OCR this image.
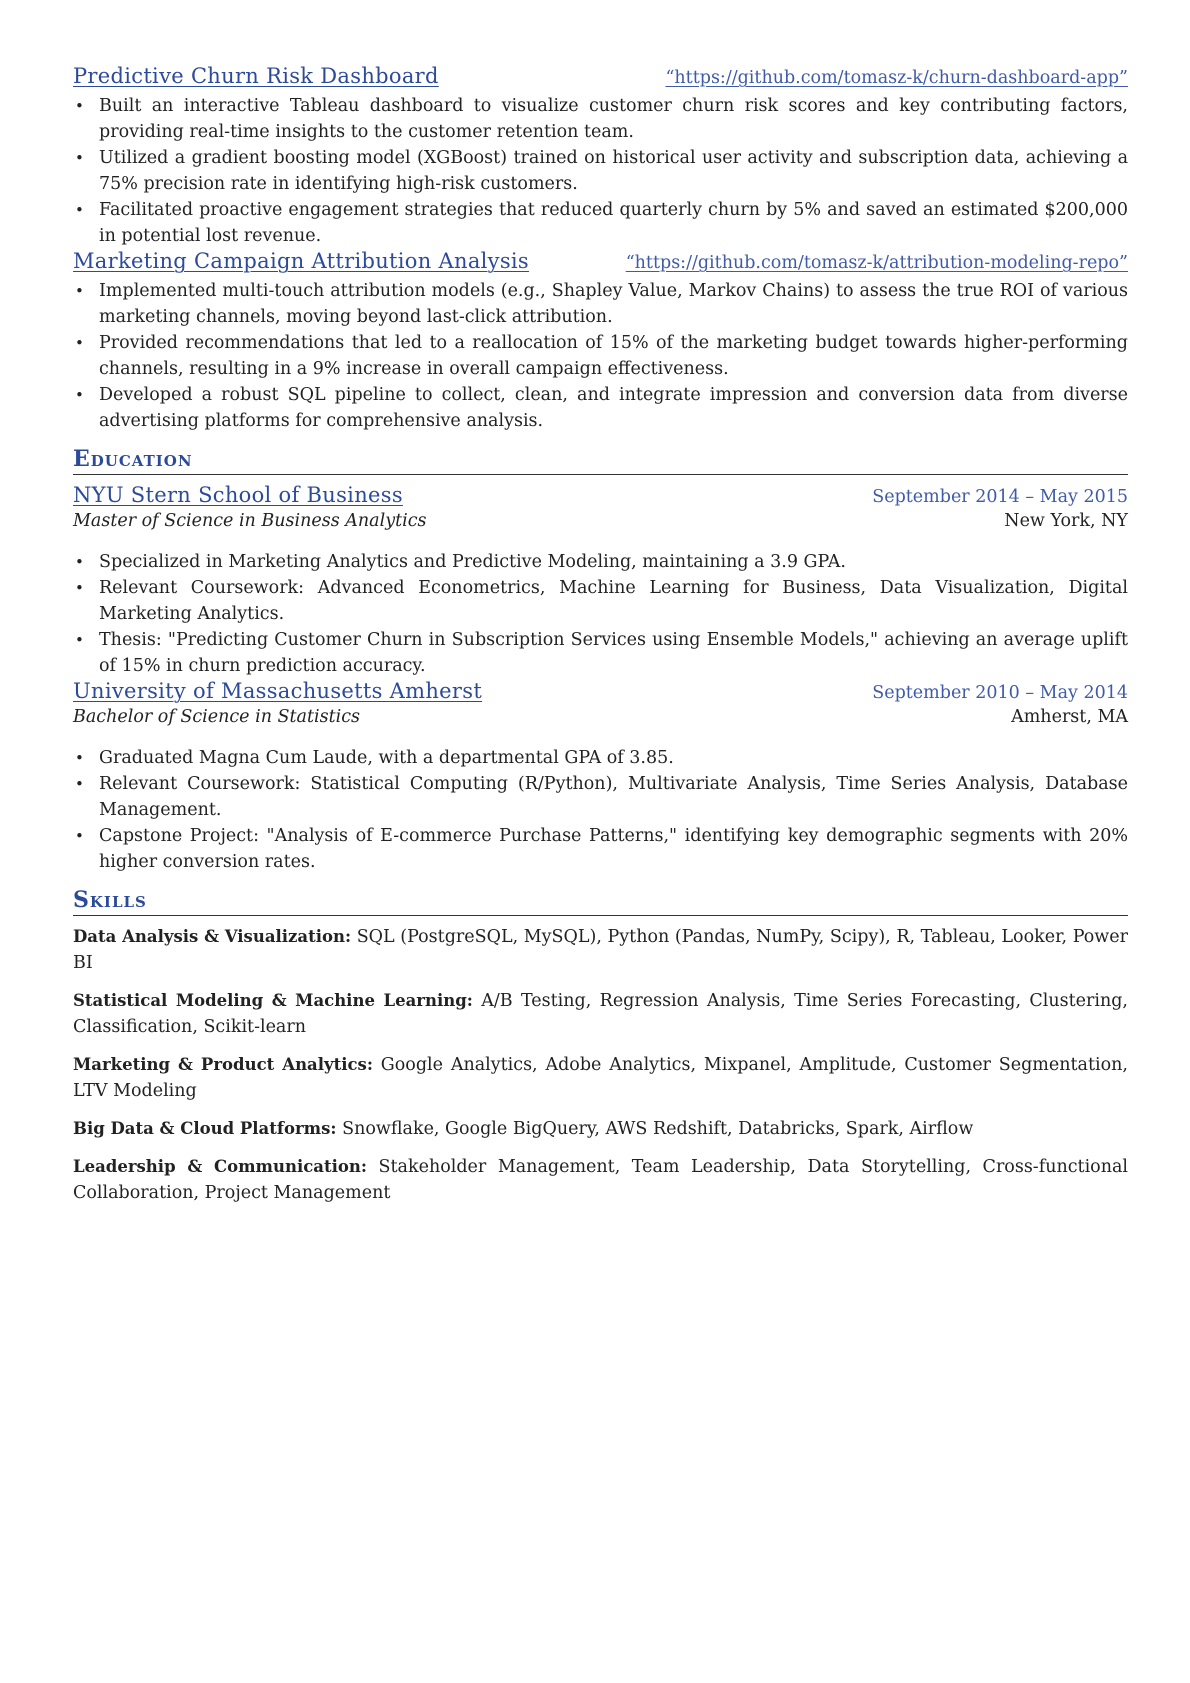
Predictive Churn Risk Dashboard	“https://github.com/tomasz-k/churn-dashboard-app”
• Built an interactive Tableau dashboard to visualize customer churn risk scores and key contributing factors, providing real-time insights to the customer retention team.
• Utilized a gradient boosting model (XGBoost) trained on historical user activity and subscription data, achieving a 75% precision rate in identifying high-risk customers.
• Facilitated proactive engagement strategies that reduced quarterly churn by 5% and saved an estimated $200,000 in potential lost revenue.
Marketing Campaign Attribution Analysis	“https://github.com/tomasz-k/attribution-modeling-repo”
• Implemented multi-touch attribution models (e.g., Shapley Value, Markov Chains) to assess the true ROI of various marketing channels, moving beyond last-click attribution.
• Provided recommendations that led to a reallocation of 15% of the marketing budget towards higher-performing channels, resulting in a 9% increase in overall campaign effectiveness.
• Developed a robust SQL pipeline to collect, clean, and integrate impression and conversion data from diverse advertising platforms for comprehensive analysis.
Education
NYU Stern School of Business	September 2014 – May 2015
Master of Science in Business Analytics	New York, NY
• Specialized in Marketing Analytics and Predictive Modeling, maintaining a 3.9 GPA.
• Relevant Coursework: Advanced Econometrics, Machine Learning for Business, Data Visualization, Digital Marketing Analytics.
• Thesis: "Predicting Customer Churn in Subscription Services using Ensemble Models," achieving an average uplift of 15% in churn prediction accuracy.
University of Massachusetts Amherst	September 2010 – May 2014
Bachelor of Science in Statistics	Amherst, MA
• Graduated Magna Cum Laude, with a departmental GPA of 3.85.
• Relevant Coursework: Statistical Computing (R/Python), Multivariate Analysis, Time Series Analysis, Database Management.
• Capstone Project: "Analysis of E-commerce Purchase Patterns," identifying key demographic segments with 20% higher conversion rates.
Skills
Data Analysis & Visualization: SQL (PostgreSQL, MySQL), Python (Pandas, NumPy, Scipy), R, Tableau, Looker, Power BI
Statistical Modeling & Machine Learning: A/B Testing, Regression Analysis, Time Series Forecasting, Clustering, Classification, Scikit-learn
Marketing & Product Analytics: Google Analytics, Adobe Analytics, Mixpanel, Amplitude, Customer Segmentation, LTV Modeling
Big Data & Cloud Platforms: Snowflake, Google BigQuery, AWS Redshift, Databricks, Spark, Airflow
Leadership & Communication: Stakeholder Management, Team Leadership, Data Storytelling, Cross-functional Collaboration, Project Management
